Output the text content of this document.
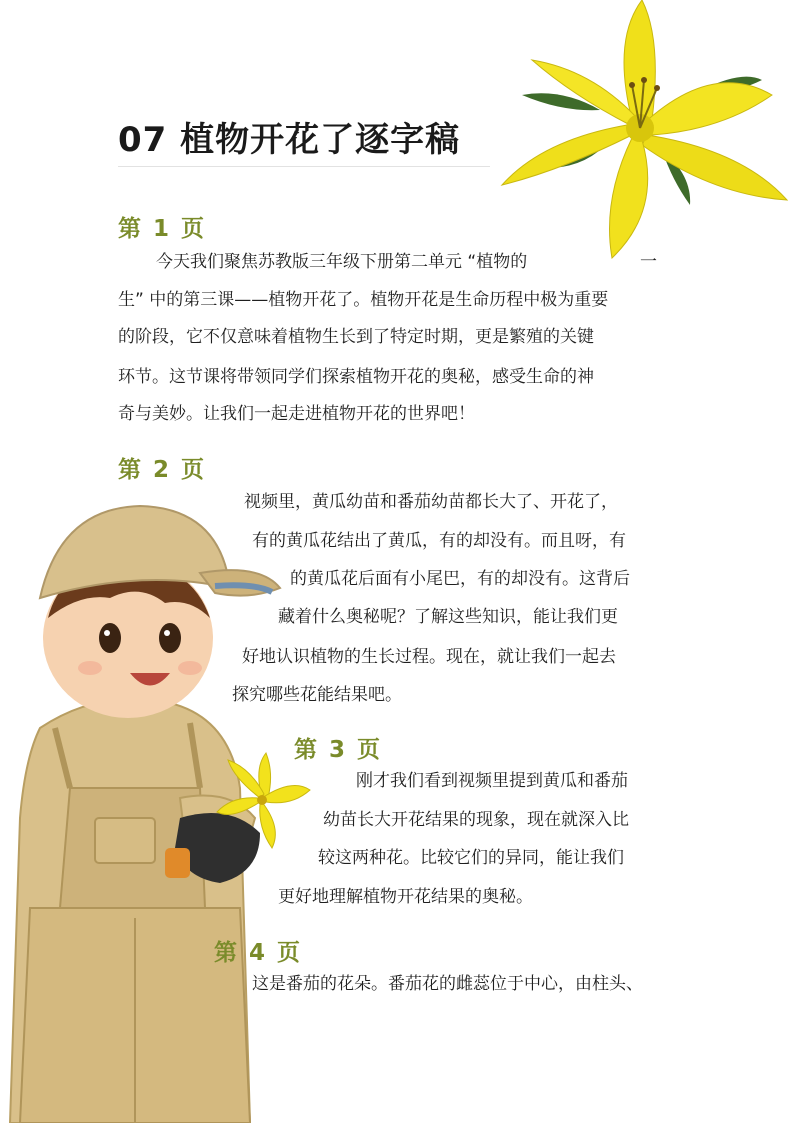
07 植物开花了逐字稿
第 1 页

今天我们聚焦苏教版三年级下册第二单元 “植物的	一

生” 中的第三课——植物开花了。植物开花是生命历程中极为重要

的阶段，它不仅意味着植物生长到了特定时期，更是繁殖的关键

环节。这节课将带领同学们探索植物开花的奥秘，感受生命的神

奇与美妙。让我们一起走进植物开花的世界吧！

第 2 页

视频里，黄瓜幼苗和番茄幼苗都长大了、开花了，

有的黄瓜花结出了黄瓜，有的却没有。而且呀，有

的黄瓜花后面有小尾巴，有的却没有。这背后

藏着什么奥秘呢？了解这些知识，能让我们更

好地认识植物的生长过程。现在，就让我们一起去

探究哪些花能结果吧。

第 3 页

刚才我们看到视频里提到黄瓜和番茄

幼苗长大开花结果的现象，现在就深入比

较这两种花。比较它们的异同，能让我们

更好地理解植物开花结果的奥秘。

第 4 页

这是番茄的花朵。番茄花的雌蕊位于中心，由柱头、
